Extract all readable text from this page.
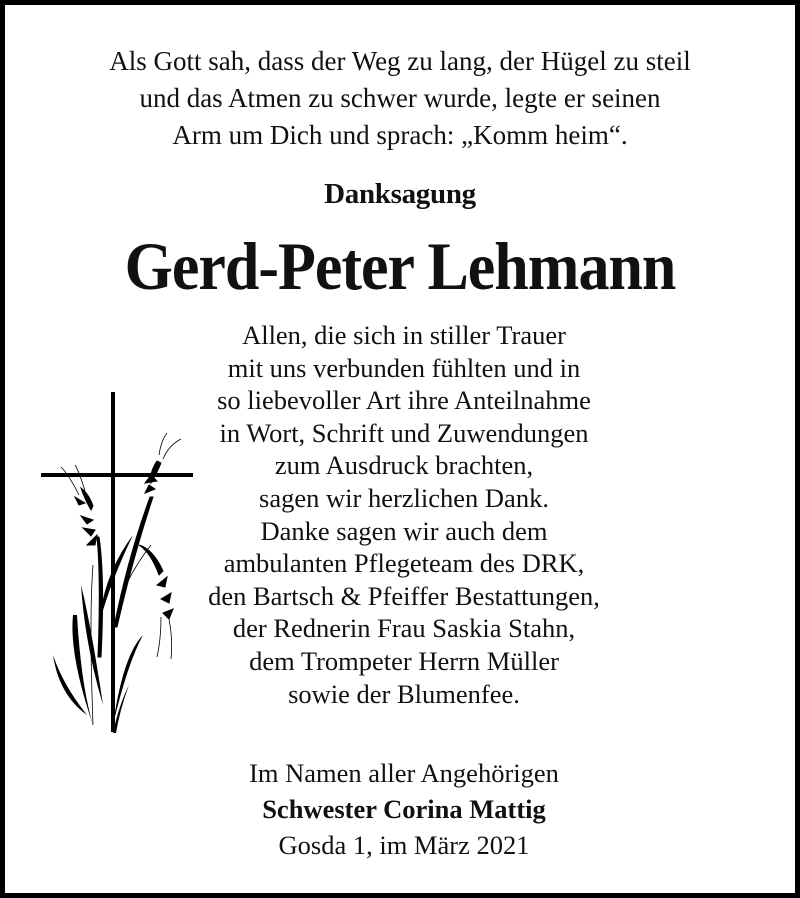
Als Gott sah, dass der Weg zu lang, der Hügel zu steil
und das Atmen zu schwer wurde, legte er seinen
Arm um Dich und sprach: „Komm heim“.
Danksagung
Gerd-Peter Lehmann
Allen, die sich in stiller Trauer
mit uns verbunden fühlten und in
so liebevoller Art ihre Anteilnahme
in Wort, Schrift und Zuwendungen
zum Ausdruck brachten,
sagen wir herzlichen Dank.
Danke sagen wir auch dem
ambulanten Pflegeteam des DRK,
den Bartsch & Pfeiffer Bestattungen,
der Rednerin Frau Saskia Stahn,
dem Trompeter Herrn Müller
sowie der Blumenfee.
Im Namen aller Angehörigen
Schwester Corina Mattig
Gosda 1, im März 2021
